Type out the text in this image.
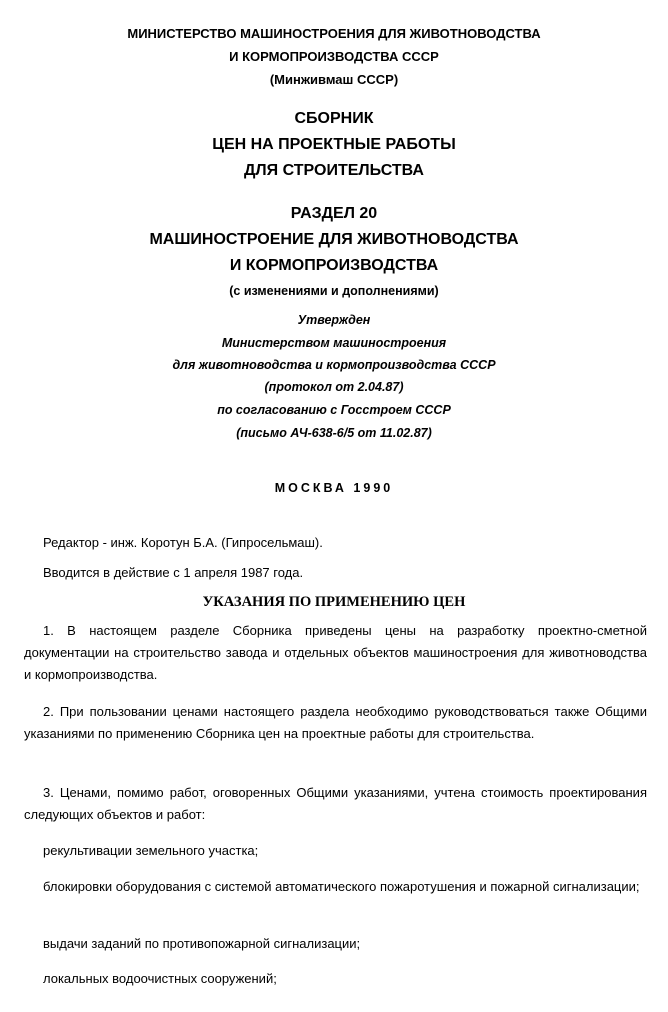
МИНИСТЕРСТВО МАШИНОСТРОЕНИЯ ДЛЯ ЖИВОТНОВОДСТВА
И КОРМОПРОИЗВОДСТВА СССР
(Минживмаш СССР)
СБОРНИК
ЦЕН НА ПРОЕКТНЫЕ РАБОТЫ
ДЛЯ СТРОИТЕЛЬСТВА
РАЗДЕЛ 20
МАШИНОСТРОЕНИЕ ДЛЯ ЖИВОТНОВОДСТВА
И КОРМОПРОИЗВОДСТВА
(с изменениями и дополнениями)
Утвержден
Министерством машиностроения
для животноводства и кормопроизводства СССР
(протокол от 2.04.87)
по согласованию с Госстроем СССР
(письмо АЧ-638-6/5 от 11.02.87)
МОСКВА 1990
Редактор - инж. Коротун Б.А. (Гипросельмаш).
Вводится в действие с 1 апреля 1987 года.
УКАЗАНИЯ ПО ПРИМЕНЕНИЮ ЦЕН

1. В настоящем разделе Сборника приведены цены на разработку проектно-сметной документации на строительство завода и отдельных объектов машиностроения для животноводства и кормопроизводства.

2. При пользовании ценами настоящего раздела необходимо руководствоваться также Общими указаниями по применению Сборника цен на проектные работы для строительства.

3. Ценами, помимо работ, оговоренных Общими указаниями, учтена стоимость проектирования следующих объектов и работ:

рекультивации земельного участка;

блокировки оборудования с системой автоматического пожаротушения и пожарной сигнализации;

выдачи заданий по противопожарной сигнализации;

локальных водоочистных сооружений;
